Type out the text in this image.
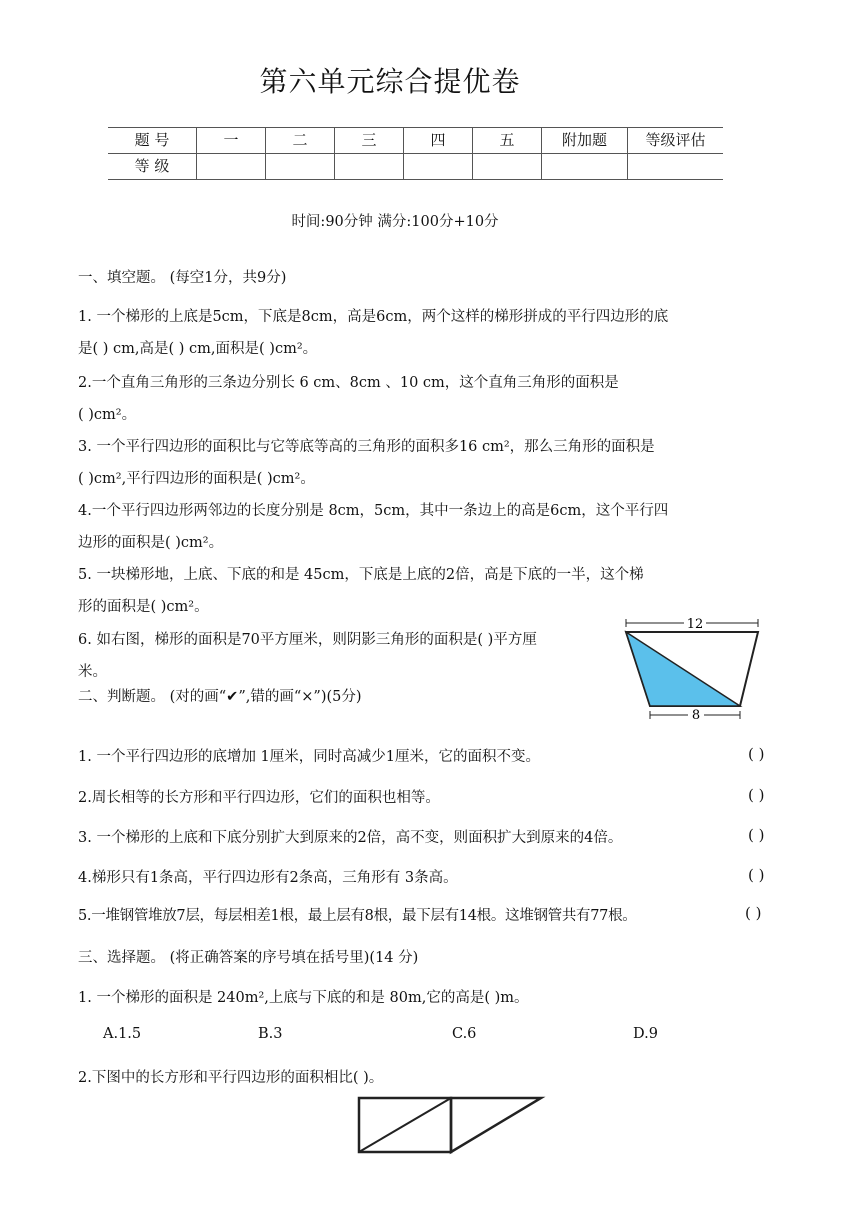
第六单元综合提优卷
题 号	一	二	三	四	五	附加题	等级评估
等 级							
时间:90分钟 满分:100分+10分
一、填空题。 (每空1分，共9分)
1. 一个梯形的上底是5cm，下底是8cm，高是6cm，两个这样的梯形拼成的平行四边形的底
是( ) cm,高是( ) cm,面积是( )cm²。
2.一个直角三角形的三条边分别长 6 cm、8cm 、10 cm，这个直角三角形的面积是
( )cm²。
3. 一个平行四边形的面积比与它等底等高的三角形的面积多16 cm²，那么三角形的面积是
( )cm²,平行四边形的面积是( )cm²。
4.一个平行四边形两邻边的长度分别是 8cm，5cm，其中一条边上的高是6cm，这个平行四
边形的面积是( )cm²。
5. 一块梯形地，上底、下底的和是 45cm，下底是上底的2倍，高是下底的一半，这个梯
形的面积是( )cm²。
6. 如右图，梯形的面积是70平方厘米，则阴影三角形的面积是( )平方厘
米。
12
8
二、判断题。 (对的画“✔”,错的画“×”)(5分)
1. 一个平行四边形的底增加 1厘米，同时高减少1厘米，它的面积不变。	( )
2.周长相等的长方形和平行四边形，它们的面积也相等。	( )
3. 一个梯形的上底和下底分别扩大到原来的2倍，高不变，则面积扩大到原来的4倍。	( )
4.梯形只有1条高，平行四边形有2条高，三角形有 3条高。	( )
5.一堆钢管堆放7层，每层相差1根，最上层有8根，最下层有14根。这堆钢管共有77根。	( )
三、选择题。 (将正确答案的序号填在括号里)(14 分)
1. 一个梯形的面积是 240m²,上底与下底的和是 80m,它的高是( )m。
A.1.5	B.3	C.6	D.9
2.下图中的长方形和平行四边形的面积相比( )。
